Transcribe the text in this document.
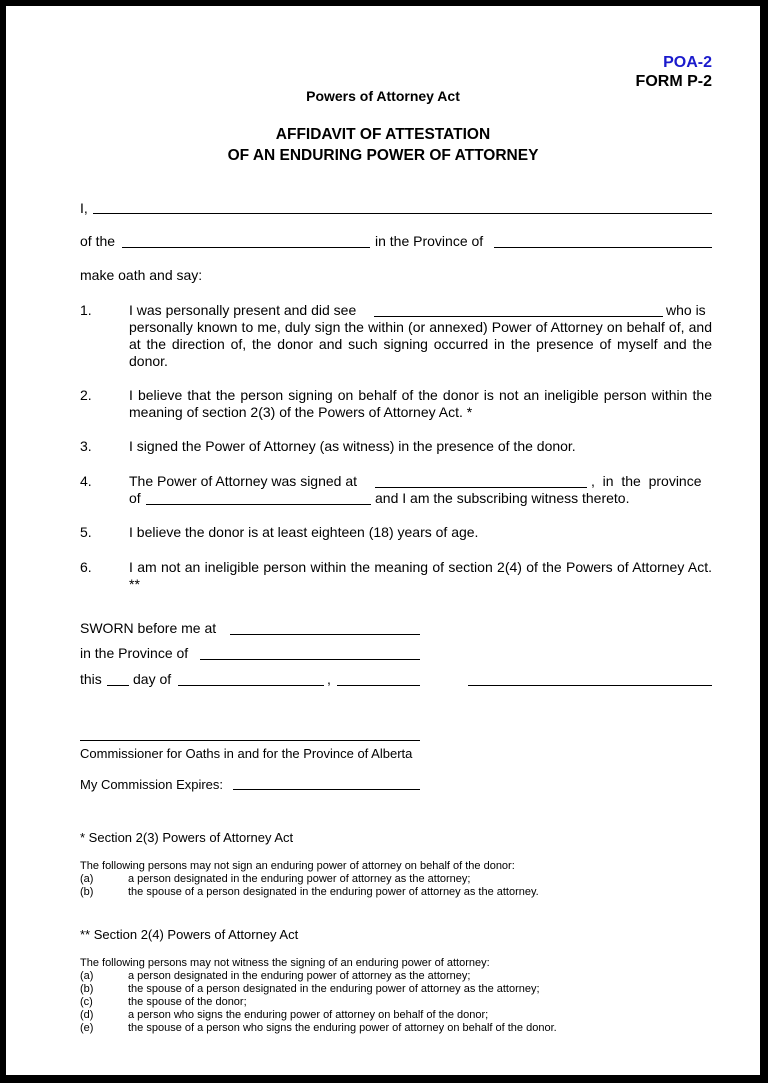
POA-2
FORM P-2
Powers of Attorney Act
AFFIDAVIT OF ATTESTATION
OF AN ENDURING POWER OF ATTORNEY
I,
of the	in the Province of
make oath and say:
1.	I was personally present and did see	who is
personally known to me, duly sign the within (or annexed) Power of Attorney on behalf of, and at the direction of, the donor and such signing occurred in the presence of myself and the donor.
2.	I believe that the person signing on behalf of the donor is not an ineligible person within the meaning of section 2(3) of the Powers of Attorney Act. *
3.	I signed the Power of Attorney (as witness) in the presence of the donor.
4.	The Power of Attorney was signed at	,  in  the  province
of	and I am the subscribing witness thereto.
5.	I believe the donor is at least eighteen (18) years of age.
6.	I am not an ineligible person within the meaning of section 2(4) of the Powers of Attorney Act. **
SWORN before me at
in the Province of
this day of	,
Commissioner for Oaths in and for the Province of Alberta
My Commission Expires:
* Section 2(3) Powers of Attorney Act
The following persons may not sign an enduring power of attorney on behalf of the donor:
(a)	a person designated in the enduring power of attorney as the attorney;
(b)	the spouse of a person designated in the enduring power of attorney as the attorney.
** Section 2(4) Powers of Attorney Act
The following persons may not witness the signing of an enduring power of attorney:
(a)	a person designated in the enduring power of attorney as the attorney;
(b)	the spouse of a person designated in the enduring power of attorney as the attorney;
(c)	the spouse of the donor;
(d)	a person who signs the enduring power of attorney on behalf of the donor;
(e)	the spouse of a person who signs the enduring power of attorney on behalf of the donor.
